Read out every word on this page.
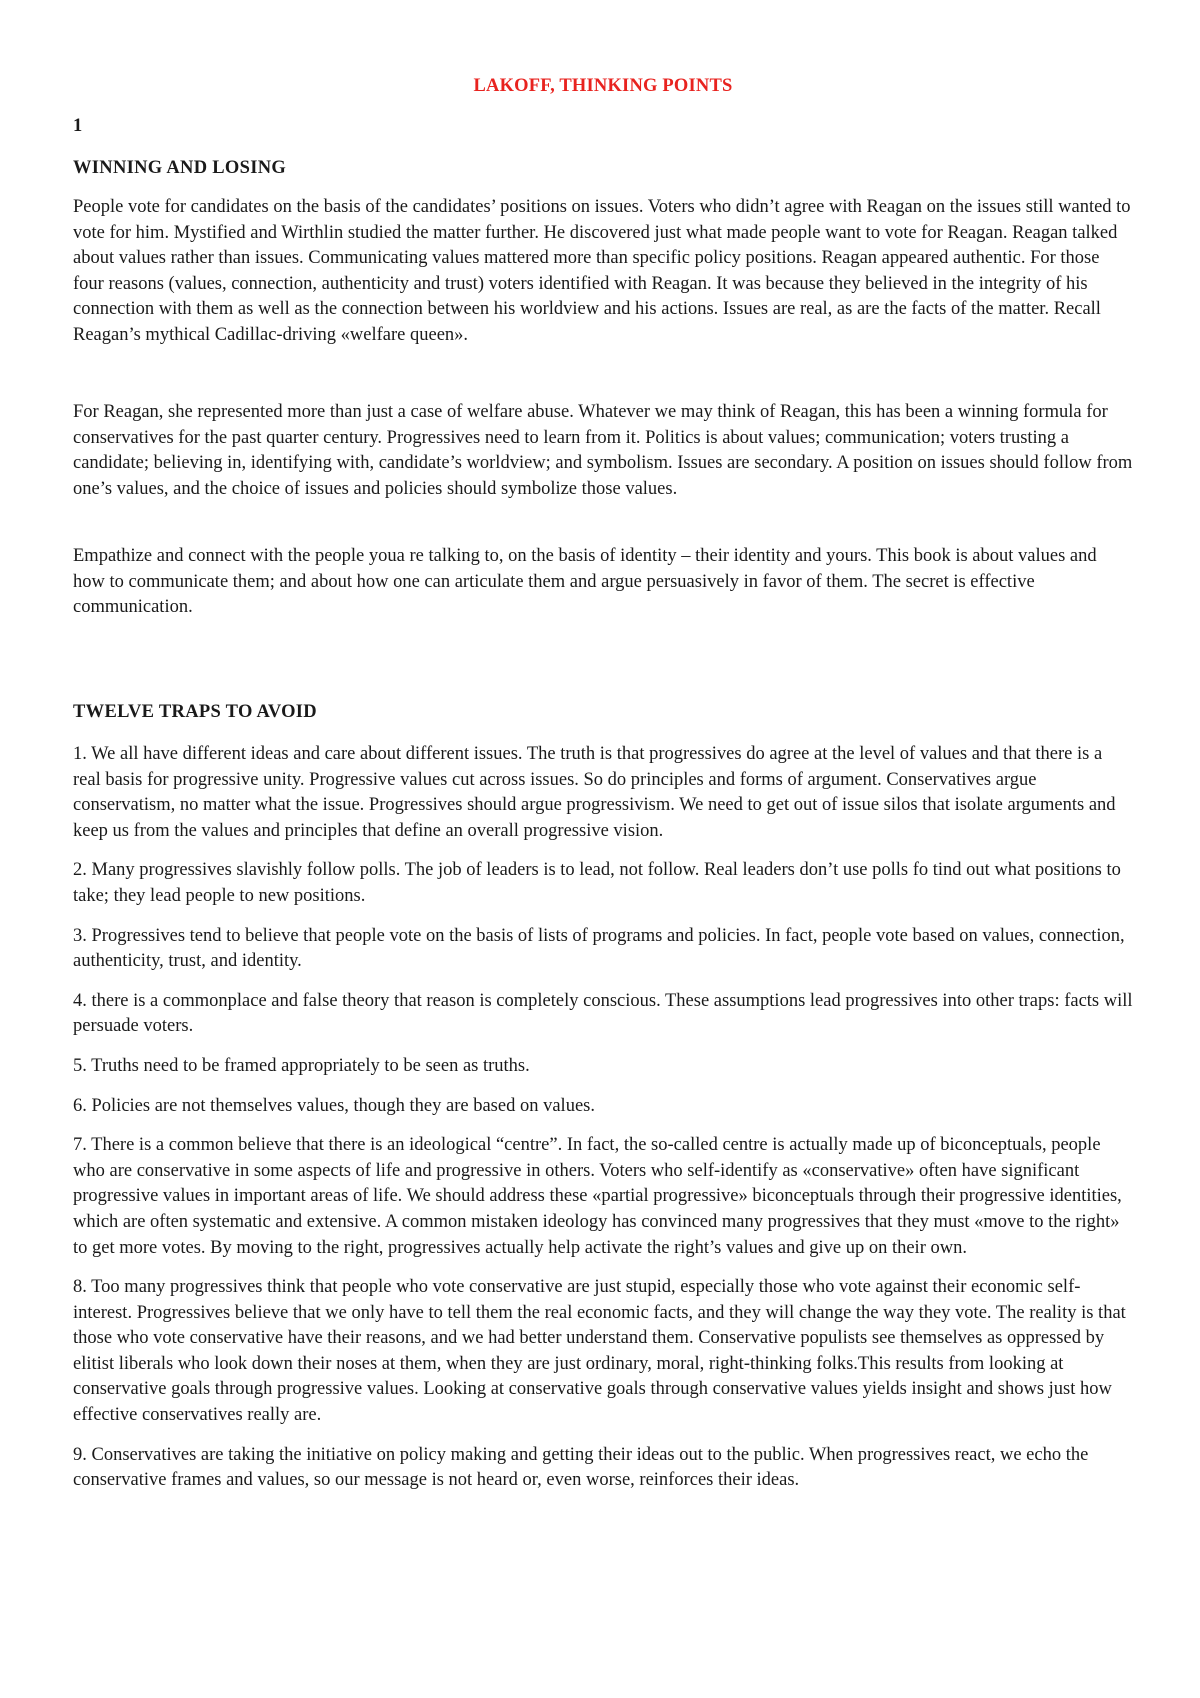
LAKOFF, THINKING POINTS
1
WINNING AND LOSING

People vote for candidates on the basis of the candidates’ positions on issues. Voters who didn’t agree with Reagan on the issues still wanted to vote for him. Mystified and Wirthlin studied the matter further. He discovered just what made people want to vote for Reagan. Reagan talked about values rather than issues. Communicating values mattered more than specific policy positions. Reagan appeared authentic. For those four reasons (values, connection, authenticity and trust) voters identified with Reagan. It was because they believed in the integrity of his connection with them as well as the connection between his worldview and his actions. Issues are real, as are the facts of the matter. Recall Reagan’s mythical Cadillac-driving «welfare queen».

For Reagan, she represented more than just a case of welfare abuse. Whatever we may think of Reagan, this has been a winning formula for conservatives for the past quarter century. Progressives need to learn from it. Politics is about values; communication; voters trusting a candidate; believing in, identifying with, candidate’s worldview; and symbolism. Issues are secondary. A position on issues should follow from one’s values, and the choice of issues and policies should symbolize those values.

Empathize and connect with the people youa re talking to, on the basis of identity – their identity and yours. This book is about values and how to communicate them; and about how one can articulate them and argue persuasively in favor of them. The secret is effective communication.

TWELVE TRAPS TO AVOID

1. We all have different ideas and care about different issues. The truth is that progressives do agree at the level of values and that there is a real basis for progressive unity. Progressive values cut across issues. So do principles and forms of argument. Conservatives argue conservatism, no matter what the issue. Progressives should argue progressivism. We need to get out of issue silos that isolate arguments and keep us from the values and principles that define an overall progressive vision.

2. Many progressives slavishly follow polls. The job of leaders is to lead, not follow. Real leaders don’t use polls fo tind out what positions to take; they lead people to new positions.

3. Progressives tend to believe that people vote on the basis of lists of programs and policies. In fact, people vote based on values, connection, authenticity, trust, and identity.

4. there is a commonplace and false theory that reason is completely conscious. These assumptions lead progressives into other traps: facts will persuade voters.

5. Truths need to be framed appropriately to be seen as truths.

6. Policies are not themselves values, though they are based on values.

7. There is a common believe that there is an ideological “centre”. In fact, the so-called centre is actually made up of biconceptuals, people who are conservative in some aspects of life and progressive in others. Voters who self-identify as «conservative» often have significant progressive values in important areas of life. We should address these «partial progressive» biconceptuals through their progressive identities, which are often systematic and extensive. A common mistaken ideology has convinced many progressives that they must «move to the right» to get more votes. By moving to the right, progressives actually help activate the right’s values and give up on their own.

8. Too many progressives think that people who vote conservative are just stupid, especially those who vote against their economic self-interest. Progressives believe that we only have to tell them the real economic facts, and they will change the way they vote. The reality is that those who vote conservative have their reasons, and we had better understand them. Conservative populists see themselves as oppressed by elitist liberals who look down their noses at them, when they are just ordinary, moral, right-thinking folks.This results from looking at conservative goals through progressive values. Looking at conservative goals through conservative values yields insight and shows just how effective conservatives really are.

9. Conservatives are taking the initiative on policy making and getting their ideas out to the public. When progressives react, we echo the conservative frames and values, so our message is not heard or, even worse, reinforces their ideas.
